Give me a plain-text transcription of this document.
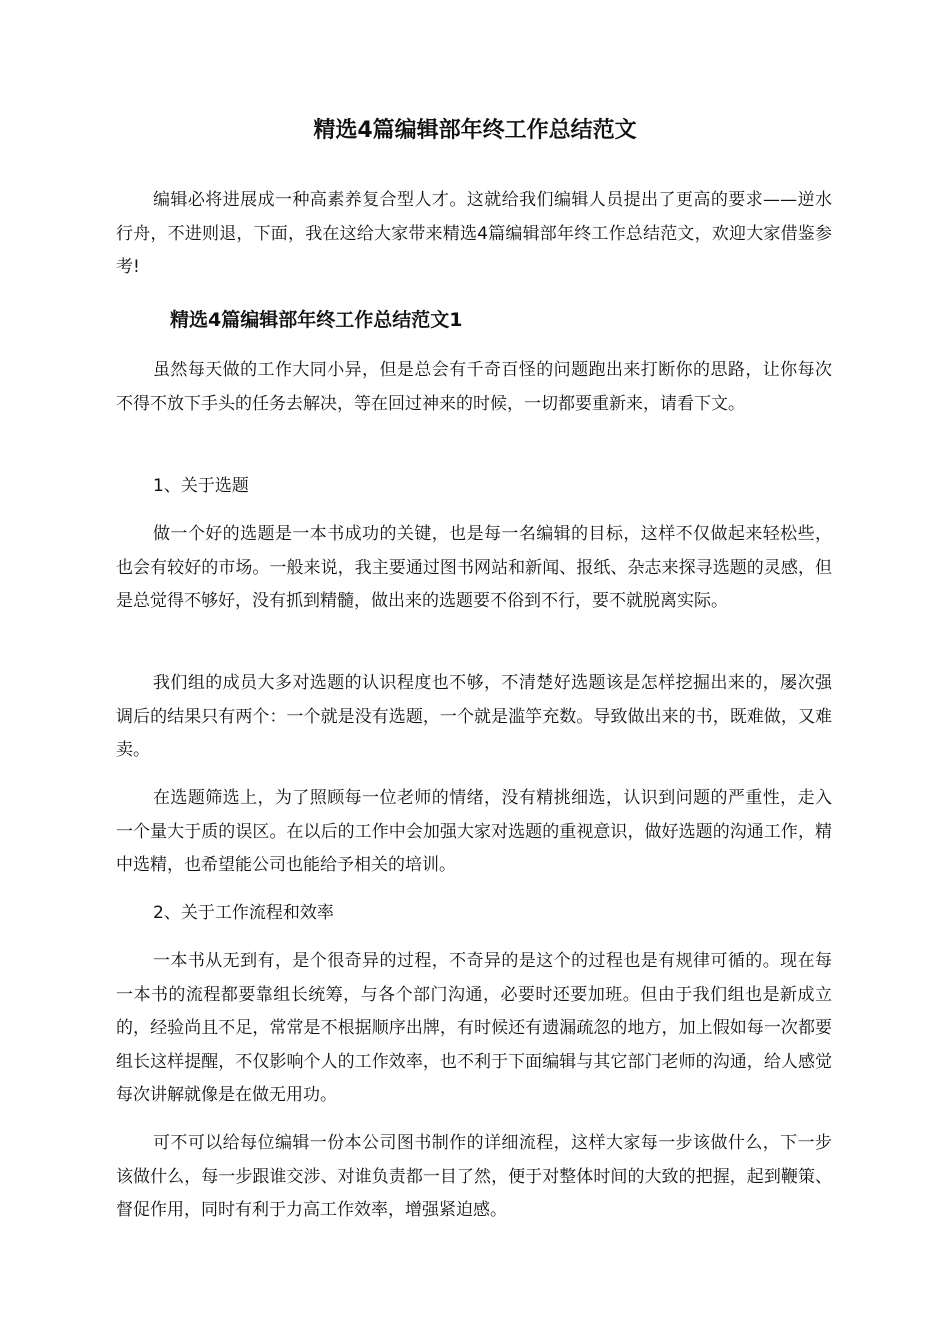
精选4篇编辑部年终工作总结范文

编辑必将进展成一种高素养复合型人才。这就给我们编辑人员提出了更高的要求——逆水行舟，不进则退，下面，我在这给大家带来精选4篇编辑部年终工作总结范文，欢迎大家借鉴参考!

精选4篇编辑部年终工作总结范文1

虽然每天做的工作大同小异，但是总会有千奇百怪的问题跑出来打断你的思路，让你每次不得不放下手头的任务去解决，等在回过神来的时候，一切都要重新来，请看下文。

1、关于选题

做一个好的选题是一本书成功的关键，也是每一名编辑的目标，这样不仅做起来轻松些，也会有较好的市场。一般来说，我主要通过图书网站和新闻、报纸、杂志来探寻选题的灵感，但是总觉得不够好，没有抓到精髓，做出来的选题要不俗到不行，要不就脱离实际。

我们组的成员大多对选题的认识程度也不够，不清楚好选题该是怎样挖掘出来的，屡次强调后的结果只有两个：一个就是没有选题，一个就是滥竽充数。导致做出来的书，既难做，又难卖。

在选题筛选上，为了照顾每一位老师的情绪，没有精挑细选，认识到问题的严重性，走入一个量大于质的误区。在以后的工作中会加强大家对选题的重视意识，做好选题的沟通工作，精中选精，也希望能公司也能给予相关的培训。

2、关于工作流程和效率

一本书从无到有，是个很奇异的过程，不奇异的是这个的过程也是有规律可循的。现在每一本书的流程都要靠组长统筹，与各个部门沟通，必要时还要加班。但由于我们组也是新成立的，经验尚且不足，常常是不根据顺序出牌，有时候还有遗漏疏忽的地方，加上假如每一次都要组长这样提醒，不仅影响个人的工作效率，也不利于下面编辑与其它部门老师的沟通，给人感觉每次讲解就像是在做无用功。

可不可以给每位编辑一份本公司图书制作的详细流程，这样大家每一步该做什么，下一步该做什么，每一步跟谁交涉、对谁负责都一目了然，便于对整体时间的大致的把握，起到鞭策、督促作用，同时有利于力高工作效率，增强紧迫感。
